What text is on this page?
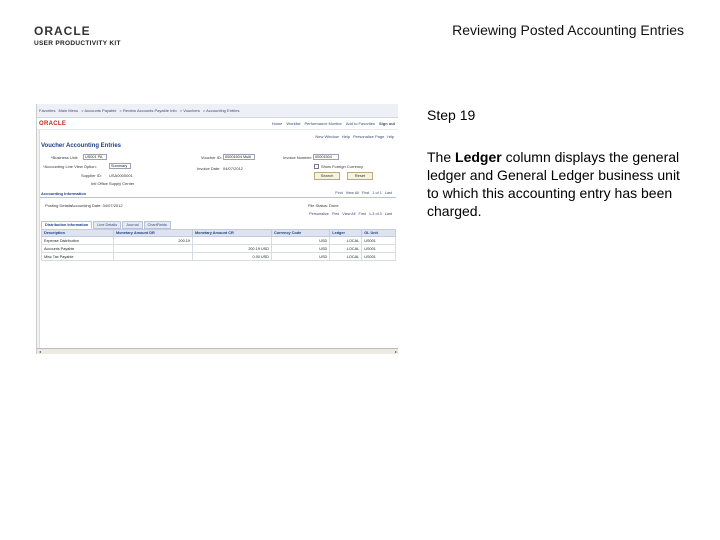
ORACLE
USER PRODUCTIVITY KIT
Reviewing Posted Accounting Entries
Step 19
The Ledger column displays the general ledger and General Ledger business unit to which this accounting entry has been charged.
Favorites Main Menu > Accounts Payable > Review Accounts Payable Info > Vouchers > Accounting Entries
ORACLE	Home Worklist Performance Monitor Add to Favorites Sign out
New Window Help Personalize Page http
Voucher Accounting Entries
*Business Unit:	US001 PA	Voucher ID: 00001504 Multi	Invoice Number: 00001504
*Accounting Line View Option:	Summary	Invoice Date: 04/07/2012	Show Foreign Currency
Supplier ID: USA0000001
Intl Office Supply Center
Search	Reset
Accounting Information	Find View All First 1 of 1 Last
Posting Details Accounting Date: 04/07/2012	File Status: Done
Personalize Find View All First 1-3 of 3 Last
Distribution Information	Line Details	Journal	ChartFields
Description	Monetary Amount DR	Monetary Amount CR	Currency Code	Ledger	GL Unit
Expense Distribution	200.19		USD	LOCAL	US001
Accounts Payable		200.19 USD	USD	LOCAL	US001
Misc Tax Payable		0.00 USD	USD	LOCAL	US001
◂	▸
